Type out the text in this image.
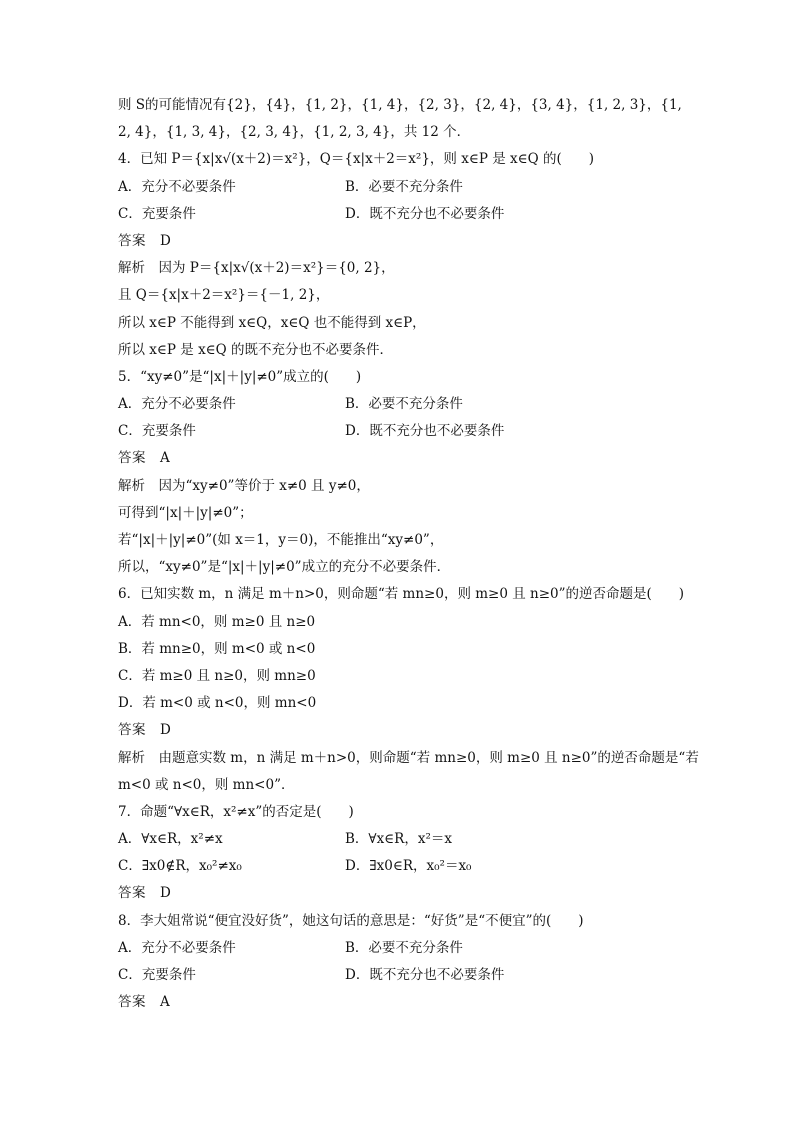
则 S的可能情况有{2}，{4}，{1, 2}，{1, 4}，{2, 3}，{2, 4}，{3, 4}，{1, 2, 3}，{1,
2, 4}，{1, 3, 4}，{2, 3, 4}，{1, 2, 3, 4}，共 12 个．
4．已知 P＝{x|x√(x＋2)＝x²}，Q＝{x|x＋2＝x²}，则 x∈P 是 x∈Q 的(　　)
A．充分不必要条件	B．必要不充分条件
C．充要条件	D．既不充分也不必要条件
答案　D
解析　因为 P＝{x|x√(x＋2)＝x²}＝{0, 2}，
且 Q＝{x|x＋2＝x²}＝{－1, 2}，
所以 x∈P 不能得到 x∈Q，x∈Q 也不能得到 x∈P，
所以 x∈P 是 x∈Q 的既不充分也不必要条件．
5．“xy≠0”是“|x|＋|y|≠0”成立的(　　)
A．充分不必要条件	B．必要不充分条件
C．充要条件	D．既不充分也不必要条件
答案　A
解析　因为“xy≠0”等价于 x≠0 且 y≠0，
可得到“|x|＋|y|≠0”；
若“|x|＋|y|≠0”(如 x＝1，y＝0)，不能推出“xy≠0”，
所以，“xy≠0”是“|x|＋|y|≠0”成立的充分不必要条件．
6．已知实数 m，n 满足 m＋n>0，则命题“若 mn≥0，则 m≥0 且 n≥0”的逆否命题是(　　)
A．若 mn<0，则 m≥0 且 n≥0
B．若 mn≥0，则 m<0 或 n<0
C．若 m≥0 且 n≥0，则 mn≥0
D．若 m<0 或 n<0，则 mn<0
答案　D
解析　由题意实数 m，n 满足 m＋n>0，则命题“若 mn≥0，则 m≥0 且 n≥0”的逆否命题是“若
m<0 或 n<0，则 mn<0”．
7．命题“∀x∈R，x²≠x”的否定是(　　)
A．∀x∈R，x²≠x	B．∀x∈R，x²＝x
C．∃x0∉R，x₀²≠x₀	D．∃x0∈R，x₀²＝x₀
答案　D
8．李大姐常说“便宜没好货”，她这句话的意思是：“好货”是“不便宜”的(　　)
A．充分不必要条件	B．必要不充分条件
C．充要条件	D．既不充分也不必要条件
答案　A
